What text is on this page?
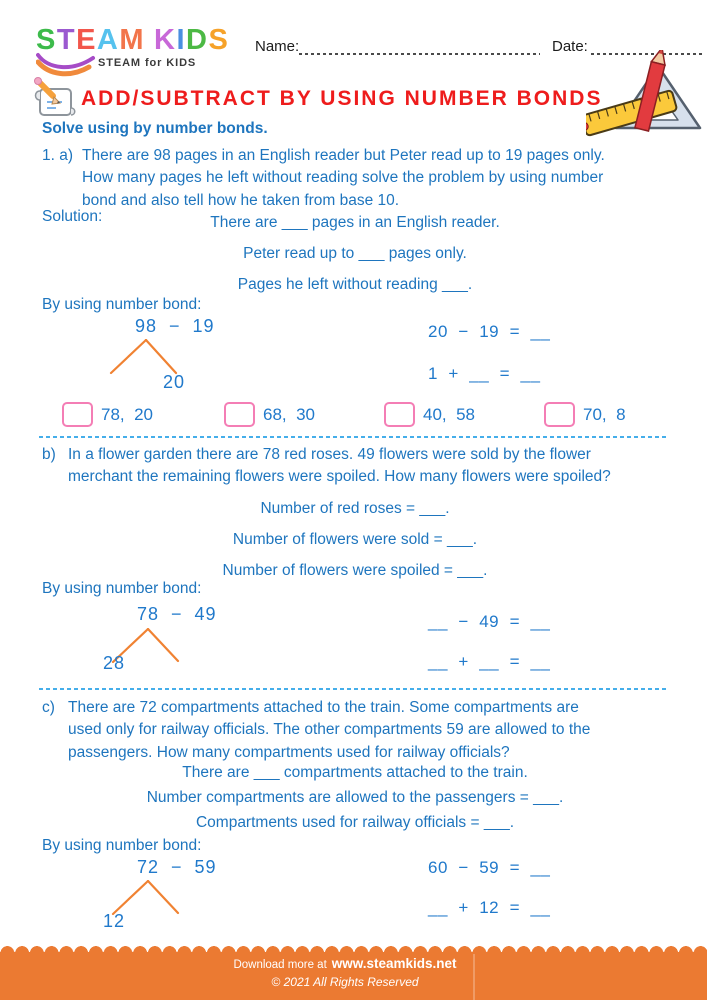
STEAM KIDS
STEAM for KIDS
Name:	Date:
ADD/SUBTRACT BY USING NUMBER BONDS
Solve using by number bonds.
1. a) There are 98 pages in an English reader but Peter read up to 19 pages only.
How many pages he left without reading solve the problem by using number
bond and also tell how he taken from base 10.
Solution:	There are ___ pages in an English reader.
Peter read up to ___ pages only.
Pages he left without reading ___.
By using number bond:
98  −  19
20
20  −  19  =  __
1  +  __  =  __
78,  20	68,  30	40,  58	70,  8
b) In a flower garden there are 78 red roses. 49 flowers were sold by the flower
merchant the remaining flowers were spoiled. How many flowers were spoiled?
Number of red roses = ___.
Number of flowers were sold = ___.
Number of flowers were spoiled = ___.
By using number bond:
78  −  49
28
__  −  49  =  __
__  +  __  =  __
c) There are 72 compartments attached to the train. Some compartments are
used only for railway officials. The other compartments 59 are allowed to the
passengers. How many compartments used for railway officials?
There are ___ compartments attached to the train.
Number compartments are allowed to the passengers = ___.
Compartments used for railway officials = ___.
By using number bond:
72  −  59
12
60  −  59  =  __
__  +  12  =  __
Download more at www.steamkids.net
© 2021 All Rights Reserved
